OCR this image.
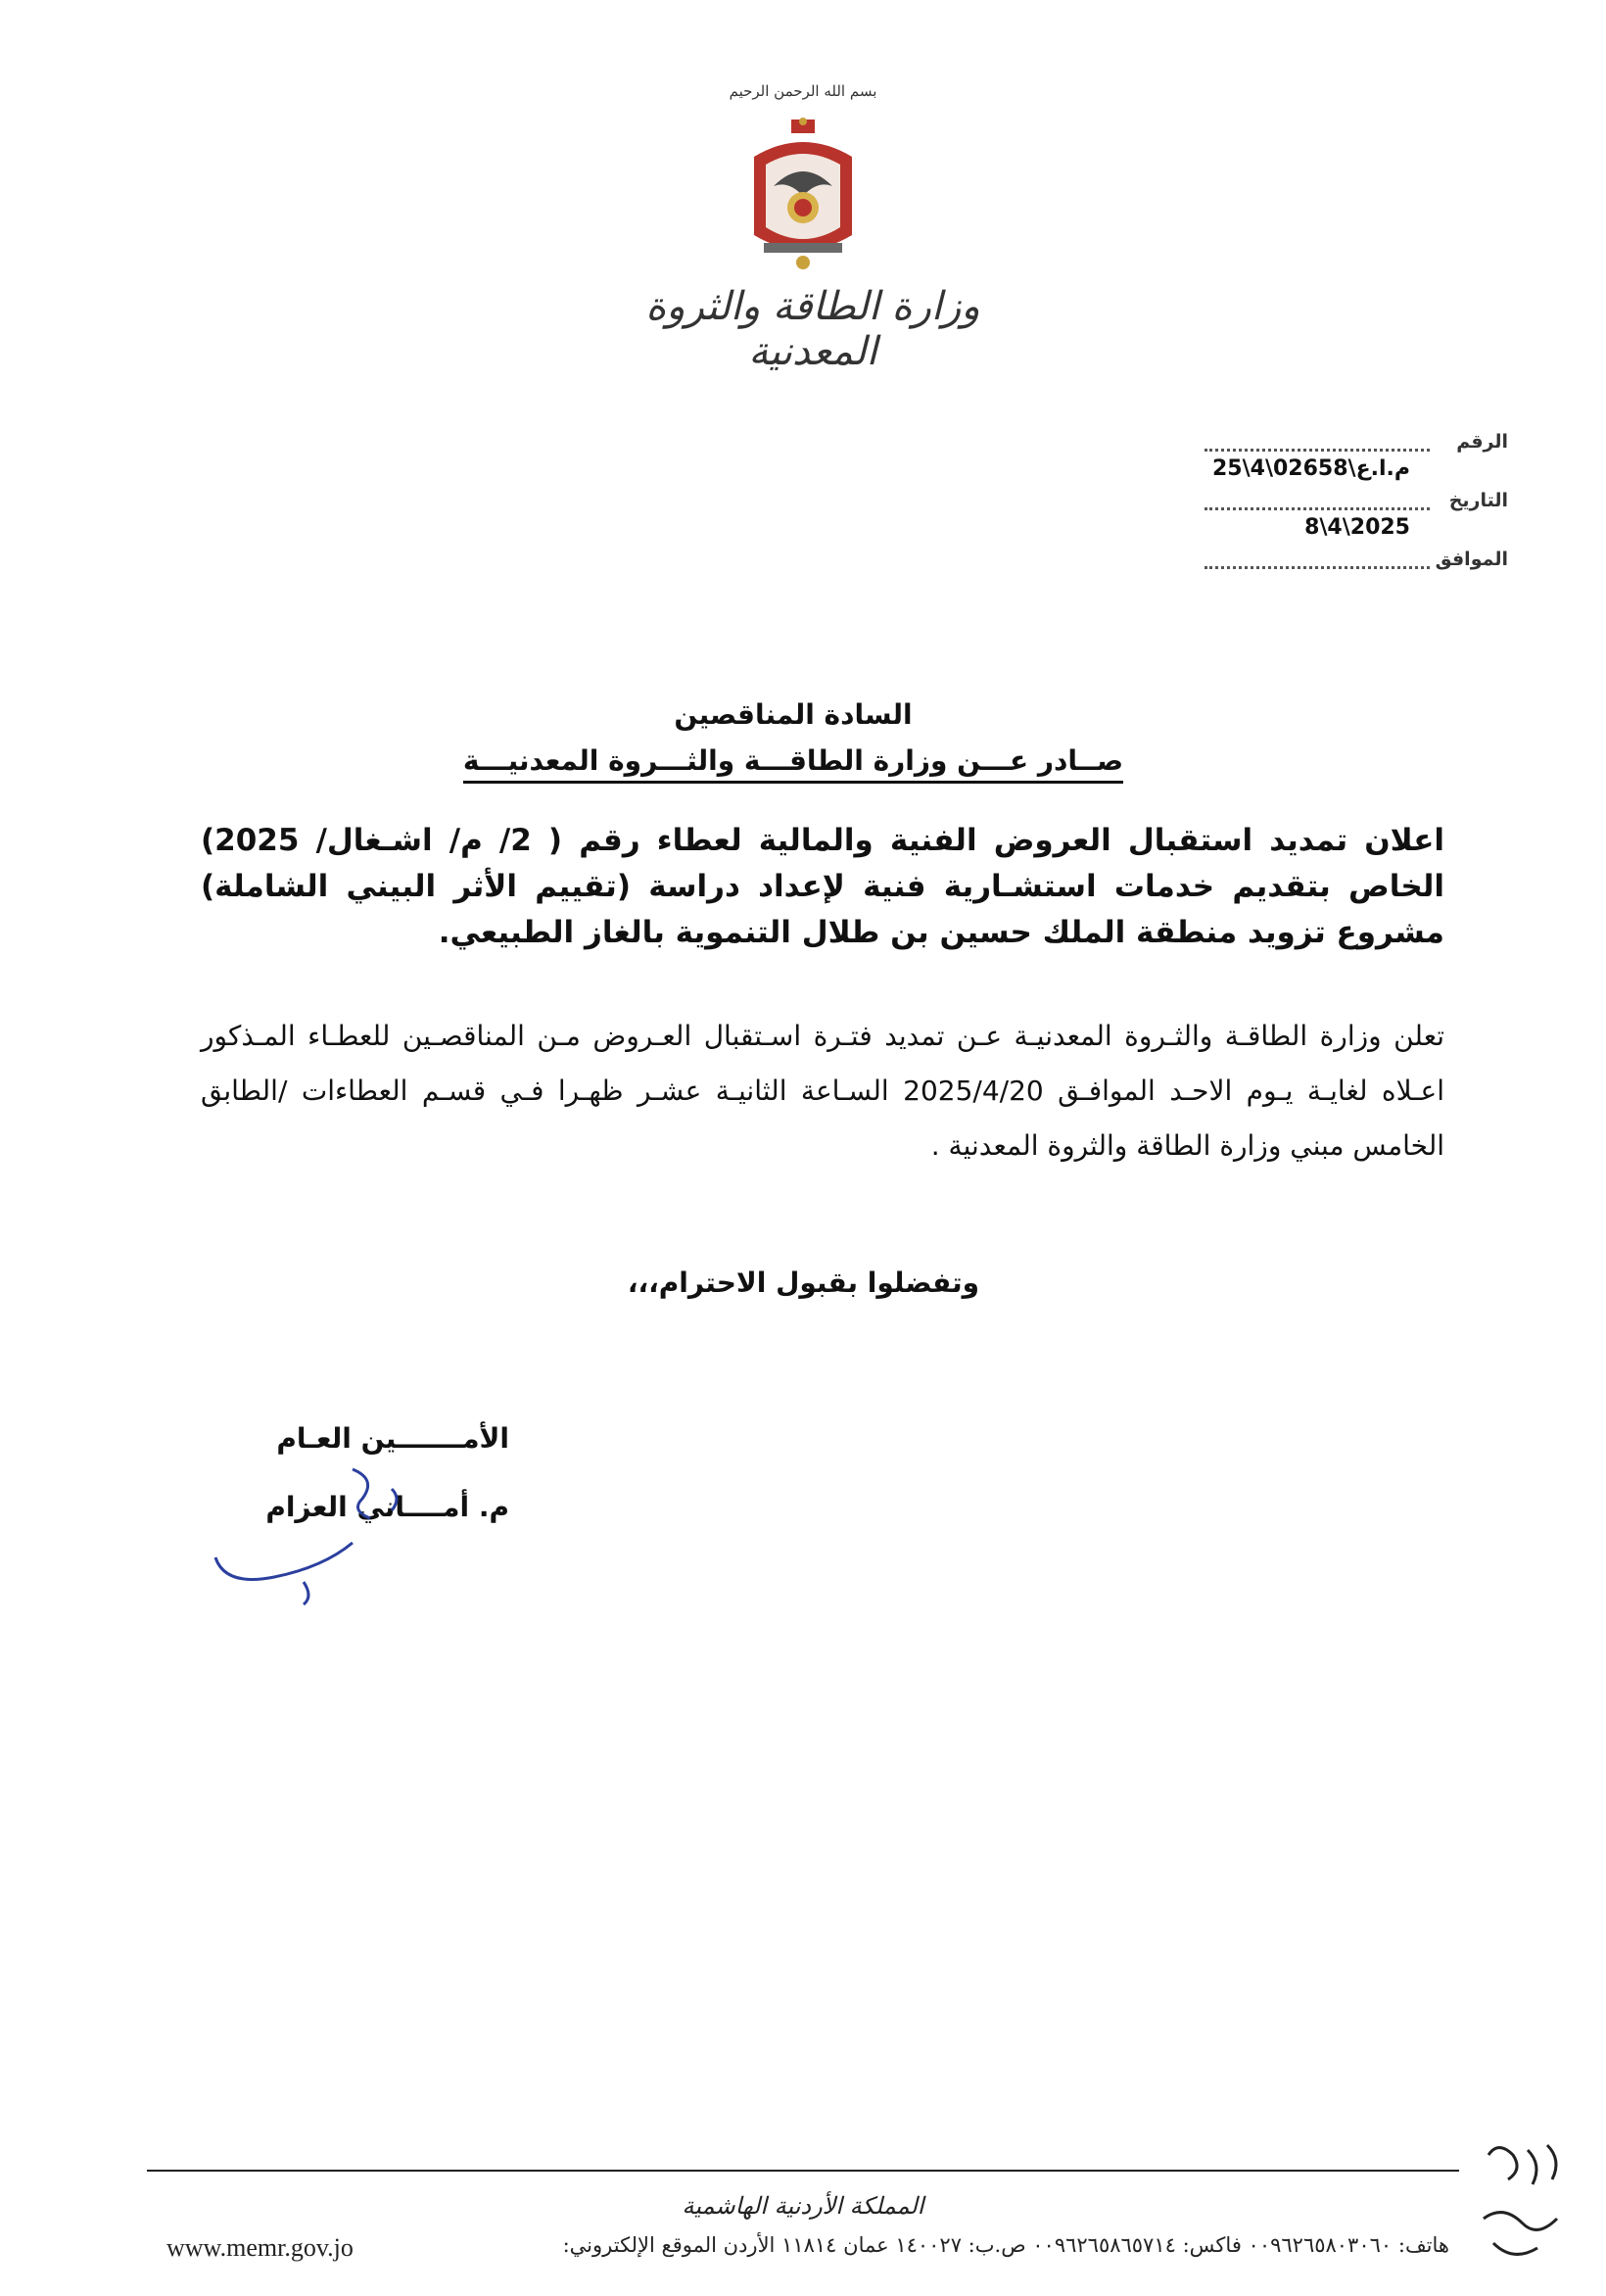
بسم الله الرحمن الرحيم
وزارة الطاقة والثروة المعدنية
الرقم
م.ا.ع\02658\4\25
التاريخ
8\4\2025
الموافق
السادة المناقصين
صــادر عـــن وزارة الطاقـــة والثـــروة المعدنيـــة
اعلان تمديد استقبال العروض الفنية والمالية لعطاء رقم ( 2/ م/ اشـغال/ 2025) الخاص بتقديم خدمات استشـارية فنية لإعداد دراسة (تقييم الأثر البيني الشاملة) مشروع تزويد منطقة الملك حسين بن طلال التنموية بالغاز الطبيعي.
تعلن وزارة الطاقـة والثـروة المعدنيـة عـن تمديد فتـرة اسـتقبال العـروض مـن المناقصـين للعطـاء المـذكور اعـلاه لغايـة يـوم الاحـد الموافـق 2025/4/20 السـاعة الثانيـة عشـر ظهـرا فـي قسـم العطاءات /الطابق الخامس مبني وزارة الطاقة والثروة المعدنية .
وتفضلوا بقبول الاحترام،،،
الأمـــــــين العـام
م. أمــــاني العزام
المملكة الأردنية الهاشمية
www.memr.gov.jo	هاتف: ٠٠٩٦٢٦٥٨٠٣٠٦٠ فاكس: ٠٠٩٦٢٦٥٨٦٥٧١٤ ص.ب: ١٤٠٠٢٧ عمان ١١٨١٤ الأردن الموقع الإلكتروني:
